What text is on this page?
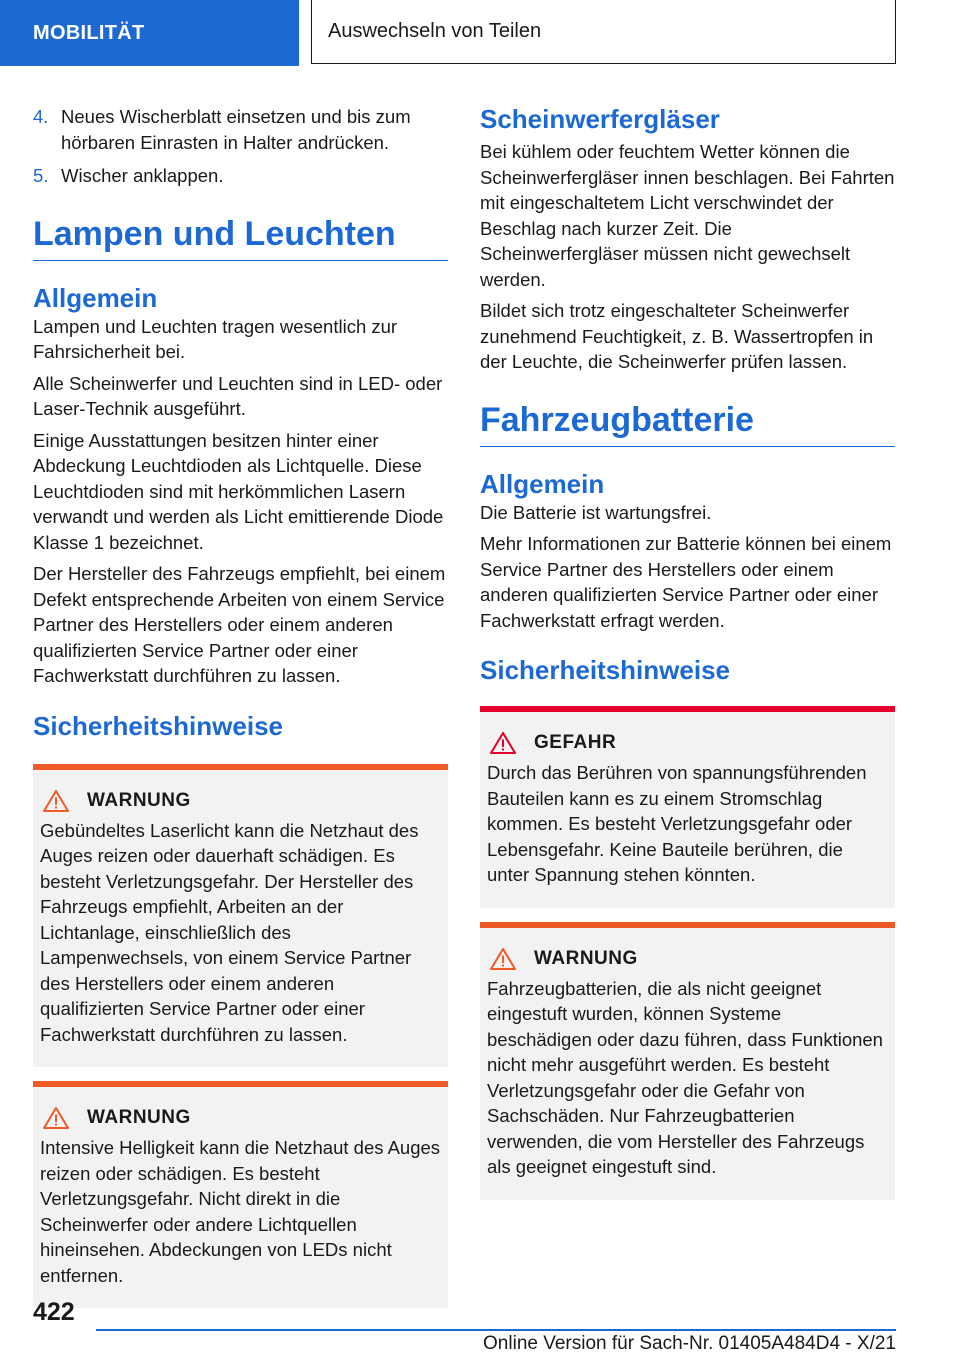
MOBILITÄT	Auswechseln von Teilen
4. Neues Wischerblatt einsetzen und bis zum hörbaren Einrasten in Halter andrücken.
5. Wischer anklappen.
Lampen und Leuchten
Allgemein

Lampen und Leuchten tragen wesentlich zur Fahrsicherheit bei.

Alle Scheinwerfer und Leuchten sind in LED- oder Laser-Technik ausgeführt.

Einige Ausstattungen besitzen hinter einer Abdeckung Leuchtdioden als Lichtquelle. Diese Leuchtdioden sind mit herkömmlichen Lasern verwandt und werden als Licht emittierende Diode Klasse 1 bezeichnet.

Der Hersteller des Fahrzeugs empfiehlt, bei einem Defekt entsprechende Arbeiten von einem Service Partner des Herstellers oder einem anderen qualifizierten Service Partner oder einer Fachwerkstatt durchführen zu lassen.

Sicherheitshinweise
WARNUNG

Gebündeltes Laserlicht kann die Netzhaut des Auges reizen oder dauerhaft schädigen. Es besteht Verletzungsgefahr. Der Hersteller des Fahrzeugs empfiehlt, Arbeiten an der Lichtanlage, einschließlich des Lampenwechsels, von einem Service Partner des Herstellers oder einem anderen qualifizierten Service Partner oder einer Fachwerkstatt durchführen zu lassen.

WARNUNG

Intensive Helligkeit kann die Netzhaut des Auges reizen oder schädigen. Es besteht Verletzungsgefahr. Nicht direkt in die Scheinwerfer oder andere Lichtquellen hineinsehen. Abdeckungen von LEDs nicht entfernen.

Scheinwerfergläser

Bei kühlem oder feuchtem Wetter können die Scheinwerfergläser innen beschlagen. Bei Fahrten mit eingeschaltetem Licht verschwindet der Beschlag nach kurzer Zeit. Die Scheinwerfergläser müssen nicht gewechselt werden.

Bildet sich trotz eingeschalteter Scheinwerfer zunehmend Feuchtigkeit, z. B. Wassertropfen in der Leuchte, die Scheinwerfer prüfen lassen.

Fahrzeugbatterie
Allgemein

Die Batterie ist wartungsfrei.

Mehr Informationen zur Batterie können bei einem Service Partner des Herstellers oder einem anderen qualifizierten Service Partner oder einer Fachwerkstatt erfragt werden.

Sicherheitshinweise
GEFAHR

Durch das Berühren von spannungsführenden Bauteilen kann es zu einem Stromschlag kommen. Es besteht Verletzungsgefahr oder Lebensgefahr. Keine Bauteile berühren, die unter Spannung stehen könnten.

WARNUNG

Fahrzeugbatterien, die als nicht geeignet eingestuft wurden, können Systeme beschädigen oder dazu führen, dass Funktionen nicht mehr ausgeführt werden. Es besteht Verletzungsgefahr oder die Gefahr von Sachschäden. Nur Fahrzeugbatterien verwenden, die vom Hersteller des Fahrzeugs als geeignet eingestuft sind.

422
Online Version für Sach-Nr. 01405A484D4 - X/21
